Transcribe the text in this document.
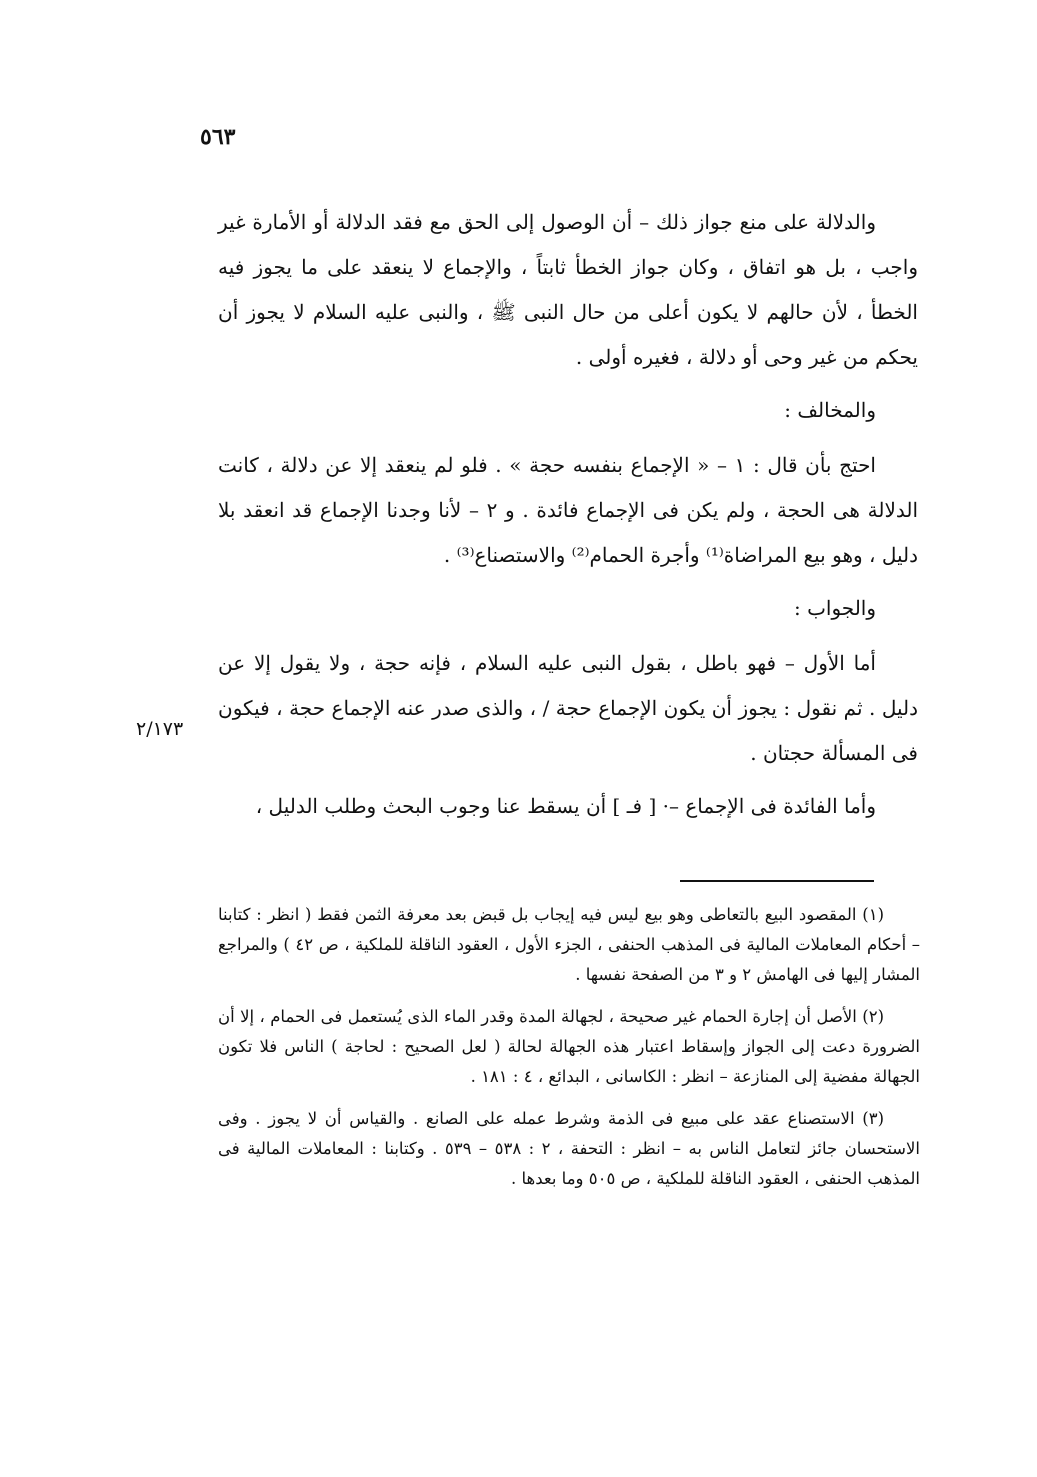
٥٦٣

والدلالة على منع جواز ذلك – أن الوصول إلى الحق مع فقد الدلالة أو الأمارة غير واجب ، بل هو اتفاق ، وكان جواز الخطأ ثابتاً ، والإجماع لا ينعقد على ما يجوز فيه الخطأ ، لأن حالهم لا يكون أعلى من حال النبى ﷺ ، والنبى عليه السلام لا يجوز أن يحكم من غير وحى أو دلالة ، فغيره أولى .

والمخالف :

احتج بأن قال : ١ – « الإجماع بنفسه حجة » . فلو لم ينعقد إلا عن دلالة ، كانت الدلالة هى الحجة ، ولم يكن فى الإجماع فائدة . و ٢ – لأنا وجدنا الإجماع قد انعقد بلا دليل ، وهو بيع المراضاة⁽¹⁾ وأجرة الحمام⁽²⁾ والاستصناع⁽³⁾ .

والجواب :

أما الأول – فهو باطل ، بقول النبى عليه السلام ، فإنه حجة ، ولا يقول إلا عن دليل . ثم نقول : يجوز أن يكون الإجماع حجة / ، والذى صدر عنه الإجماع حجة ، فيكون فى المسألة حجتان .

وأما الفائدة فى الإجماع –· [ فـ ] أن يسقط عنا وجوب البحث وطلب الدليل ،

٢/١٧٣

(١) المقصود البيع بالتعاطى وهو بيع ليس فيه إيجاب بل قبض بعد معرفة الثمن فقط ( انظر : كتابنا – أحكام المعاملات المالية فى المذهب الحنفى ، الجزء الأول ، العقود الناقلة للملكية ، ص ٤٢ ) والمراجع المشار إليها فى الهامش ٢ و ٣ من الصفحة نفسها .

(٢) الأصل أن إجارة الحمام غير صحيحة ، لجهالة المدة وقدر الماء الذى يُستعمل فى الحمام ، إلا أن الضرورة دعت إلى الجواز وإسقاط اعتبار هذه الجهالة لحالة ( لعل الصحيح : لحاجة ) الناس فلا تكون الجهالة مفضية إلى المنازعة – انظر : الكاسانى ، البدائع ، ٤ : ١٨١ .

(٣) الاستصناع عقد على مبيع فى الذمة وشرط عمله على الصانع . والقياس أن لا يجوز . وفى الاستحسان جائز لتعامل الناس به – انظر : التحفة ، ٢ : ٥٣٨ – ٥٣٩ . وكتابنا : المعاملات المالية فى المذهب الحنفى ، العقود الناقلة للملكية ، ص ٥٠٥ وما بعدها .
